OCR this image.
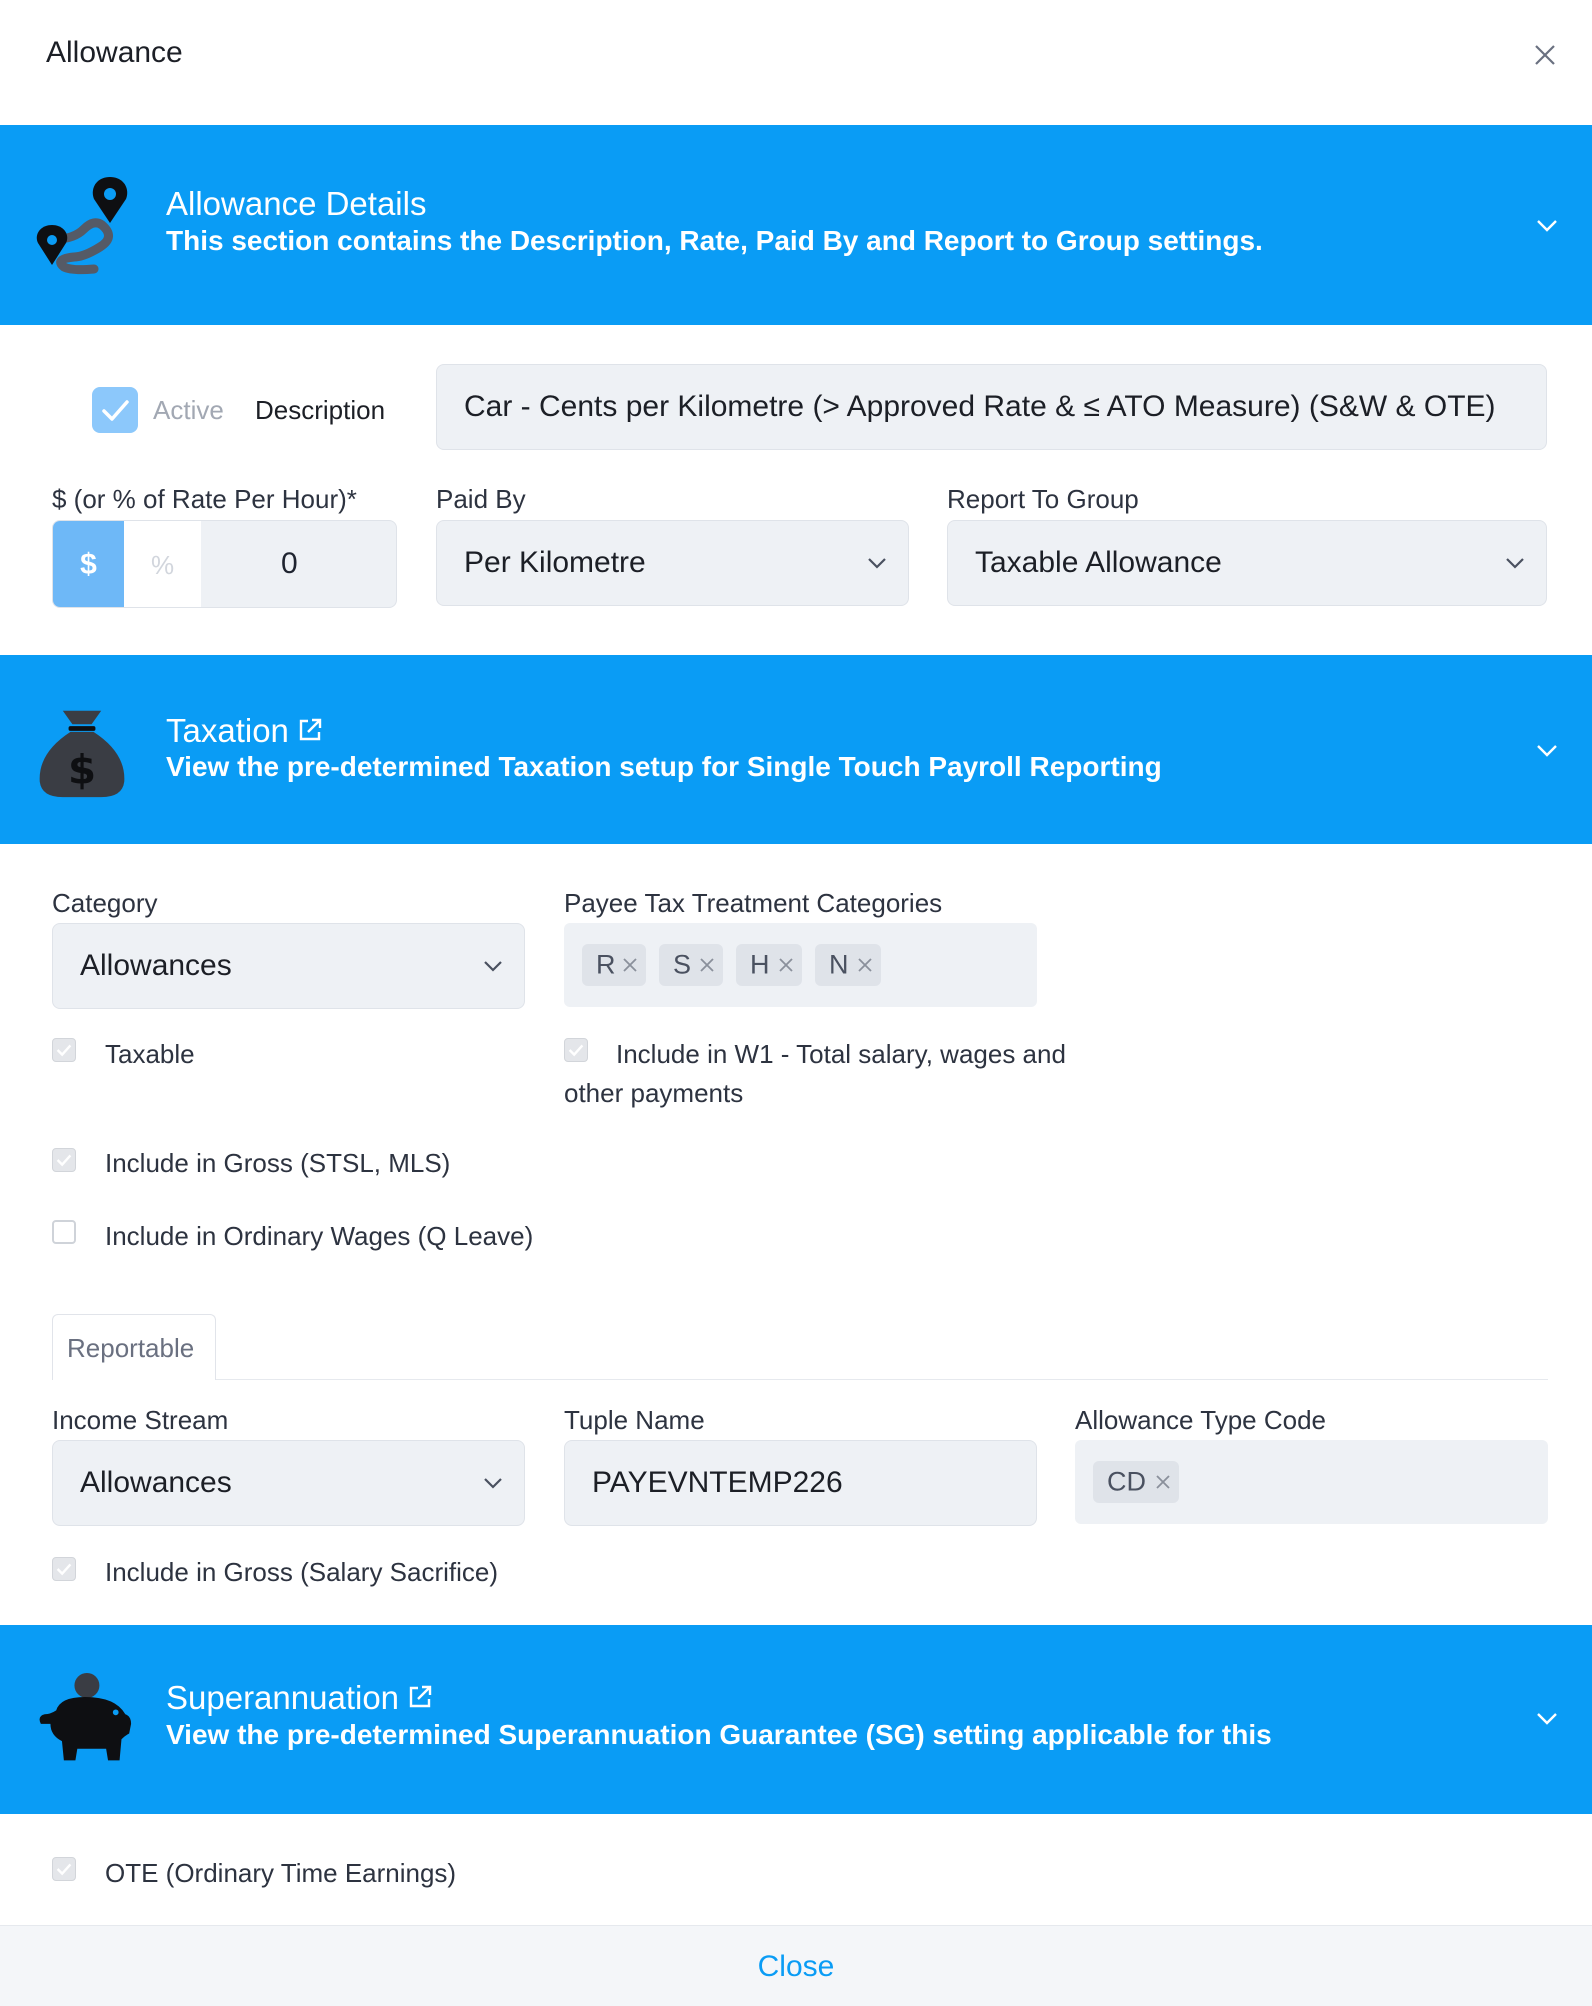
Allowance
Allowance Details
This section contains the Description, Rate, Paid By and Report to Group settings.
Active Description	Car - Cents per Kilometre (> Approved Rate & ≤ ATO Measure) (S&W & OTE)
$ (or % of Rate Per Hour)*	Paid By	Report To Group
$	%	0	Per Kilometre	Taxable Allowance
$
Taxation
View the pre-determined Taxation setup for Single Touch Payroll Reporting
Category	Payee Tax Treatment Categories
Allowances	R S H N
Taxable	Include in W1 - Total salary, wages and
other payments
Include in Gross (STSL, MLS)
Include in Ordinary Wages (Q Leave)
Reportable
Income Stream	Tuple Name	Allowance Type Code
Allowances	PAYEVNTEMP226	CD
Include in Gross (Salary Sacrifice)
Superannuation
View the pre-determined Superannuation Guarantee (SG) setting applicable for this
OTE (Ordinary Time Earnings)
Close
